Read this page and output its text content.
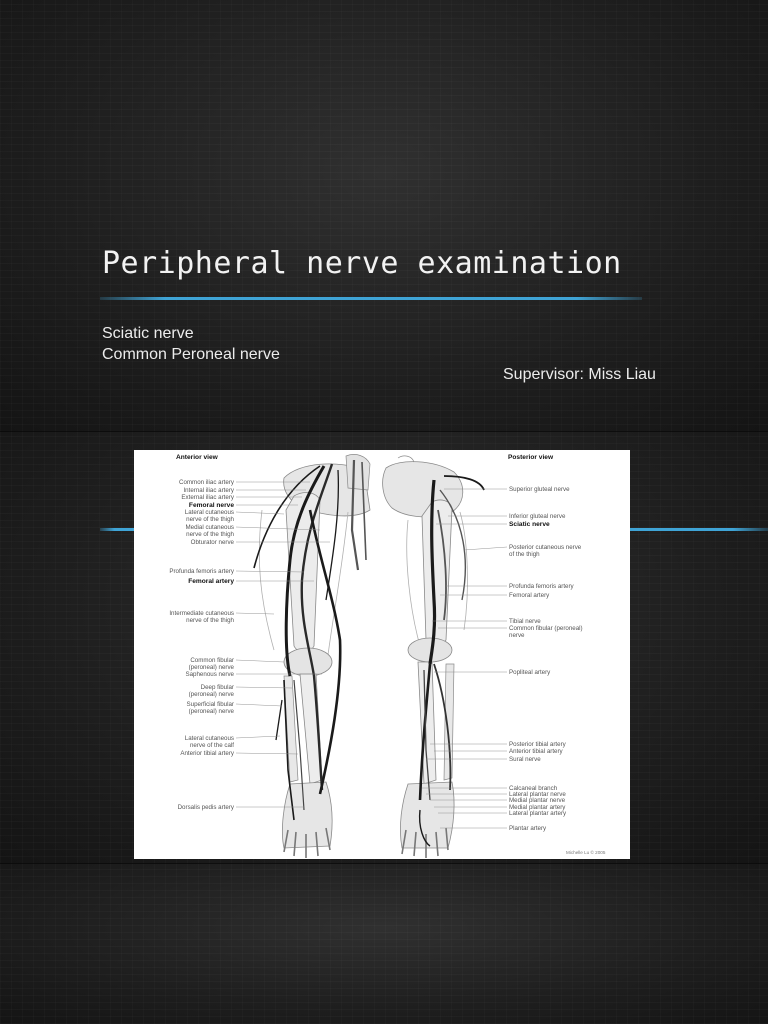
Peripheral nerve examination

Sciatic nerve

Common Peroneal nerve

Supervisor: Miss Liau

Anterior view	Posterior view
Common iliac artery
Internal iliac artery
External iliac artery
Femoral nerve
Lateral cutaneous
nerve of the thigh
Medial cutaneous
nerve of the thigh
Obturator nerve
Profunda femoris artery
Femoral artery
Intermediate cutaneous
nerve of the thigh
Common fibular
(peroneal) nerve
Saphenous nerve
Deep fibular
(peroneal) nerve
Superficial fibular
(peroneal) nerve
Lateral cutaneous
nerve of the calf
Anterior tibial artery
Dorsalis pedis artery
Superior gluteal nerve
Inferior gluteal nerve
Sciatic nerve
Posterior cutaneous nerve
of the thigh
Profunda femoris artery
Femoral artery
Tibial nerve
Common fibular (peroneal)
nerve
Popliteal artery
Posterior tibial artery
Anterior tibial artery
Sural nerve
Calcaneal branch
Lateral plantar nerve
Medial plantar nerve
Medial plantar artery
Lateral plantar artery
Plantar artery
Michelle Lu © 2005
